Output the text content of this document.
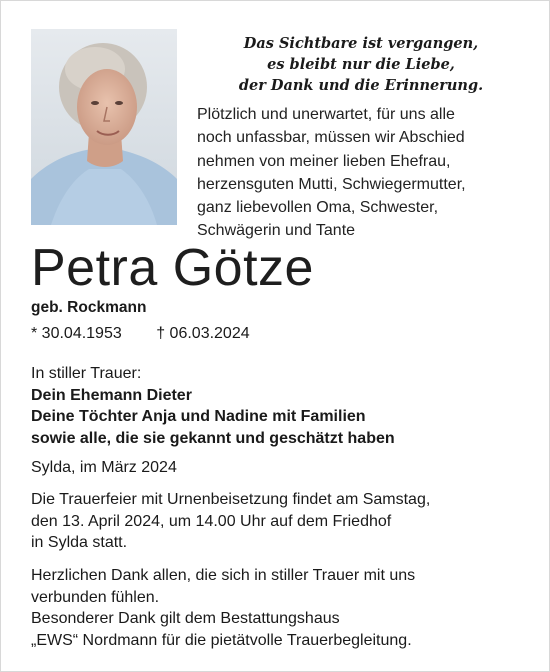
Das Sichtbare ist vergangen,
es bleibt nur die Liebe,
der Dank und die Erinnerung.
Plötzlich und unerwartet, für uns alle
noch unfassbar, müssen wir Abschied
nehmen von meiner lieben Ehefrau,
herzensguten Mutti, Schwiegermutter,
ganz liebevollen Oma, Schwester,
Schwägerin und Tante
Petra Götze
geb. Rockmann
* 30.04.1953 † 06.03.2024
In stiller Trauer:
Dein Ehemann Dieter
Deine Töchter Anja und Nadine mit Familien
sowie alle, die sie gekannt und geschätzt haben
Sylda, im März 2024
Die Trauerfeier mit Urnenbeisetzung findet am Samstag,
den 13. April 2024, um 14.00 Uhr auf dem Friedhof
in Sylda statt.
Herzlichen Dank allen, die sich in stiller Trauer mit uns
verbunden fühlen.
Besonderer Dank gilt dem Bestattungshaus
„EWS“ Nordmann für die pietätvolle Trauerbegleitung.
